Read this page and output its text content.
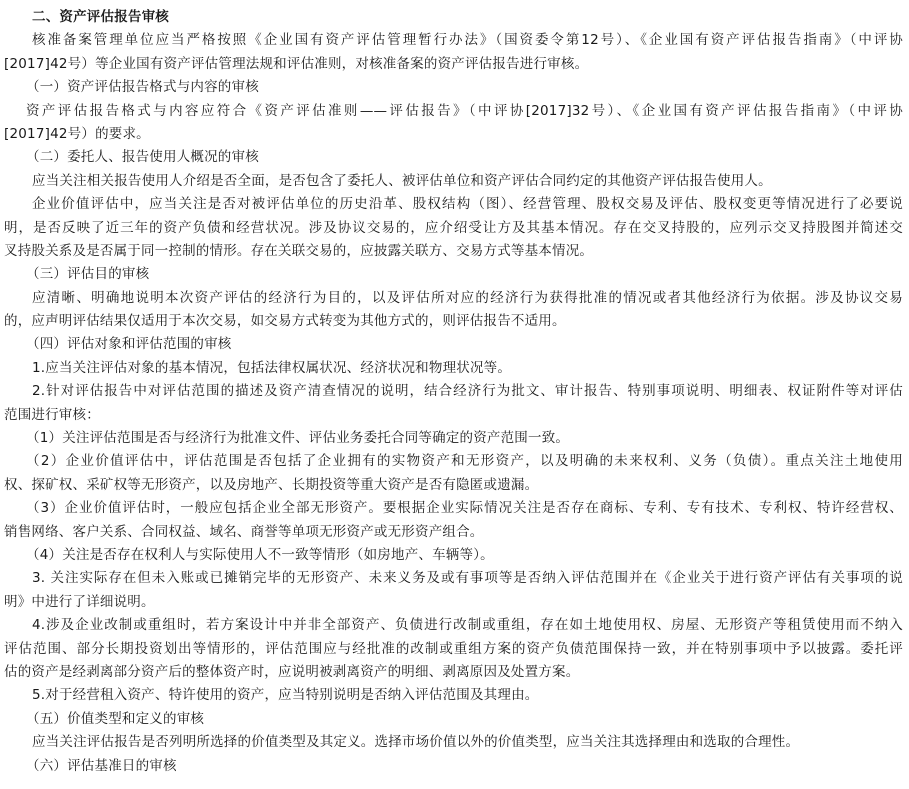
二、资产评估报告审核
核准备案管理单位应当严格按照《企业国有资产评估管理暂行办法》（国资委令第12号）、《企业国有资产评估报告指南》（中评协
[2017]42号）等企业国有资产评估管理法规和评估准则，对核准备案的资产评估报告进行审核。
（一）资产评估报告格式与内容的审核
资产评估报告格式与内容应符合《资产评估准则——评估报告》（中评协[2017]32号）、《企业国有资产评估报告指南》（中评协
[2017]42号）的要求。
（二）委托人、报告使用人概况的审核
应当关注相关报告使用人介绍是否全面，是否包含了委托人、被评估单位和资产评估合同约定的其他资产评估报告使用人。
企业价值评估中，应当关注是否对被评估单位的历史沿革、股权结构（图）、经营管理、股权交易及评估、股权变更等情况进行了必要说
明，是否反映了近三年的资产负债和经营状况。涉及协议交易的，应介绍受让方及其基本情况。存在交叉持股的，应列示交叉持股图并简述交
叉持股关系及是否属于同一控制的情形。存在关联交易的，应披露关联方、交易方式等基本情况。
（三）评估目的审核
应清晰、明确地说明本次资产评估的经济行为目的，以及评估所对应的经济行为获得批准的情况或者其他经济行为依据。涉及协议交易
的，应声明评估结果仅适用于本次交易，如交易方式转变为其他方式的，则评估报告不适用。
（四）评估对象和评估范围的审核
1.应当关注评估对象的基本情况，包括法律权属状况、经济状况和物理状况等。
2.针对评估报告中对评估范围的描述及资产清查情况的说明，结合经济行为批文、审计报告、特别事项说明、明细表、权证附件等对评估
范围进行审核：
（1）关注评估范围是否与经济行为批准文件、评估业务委托合同等确定的资产范围一致。
（2）企业价值评估中，评估范围是否包括了企业拥有的实物资产和无形资产，以及明确的未来权利、义务（负债）。重点关注土地使用
权、探矿权、采矿权等无形资产，以及房地产、长期投资等重大资产是否有隐匿或遗漏。
（3）企业价值评估时，一般应包括企业全部无形资产。要根据企业实际情况关注是否存在商标、专利、专有技术、专利权、特许经营权、
销售网络、客户关系、合同权益、域名、商誉等单项无形资产或无形资产组合。
（4）关注是否存在权利人与实际使用人不一致等情形（如房地产、车辆等）。
3. 关注实际存在但未入账或已摊销完毕的无形资产、未来义务及或有事项等是否纳入评估范围并在《企业关于进行资产评估有关事项的说
明》中进行了详细说明。
4.涉及企业改制或重组时，若方案设计中并非全部资产、负债进行改制或重组，存在如土地使用权、房屋、无形资产等租赁使用而不纳入
评估范围、部分长期投资划出等情形的，评估范围应与经批准的改制或重组方案的资产负债范围保持一致，并在特别事项中予以披露。委托评
估的资产是经剥离部分资产后的整体资产时，应说明被剥离资产的明细、剥离原因及处置方案。
5.对于经营租入资产、特许使用的资产，应当特别说明是否纳入评估范围及其理由。
（五）价值类型和定义的审核
应当关注评估报告是否列明所选择的价值类型及其定义。选择市场价值以外的价值类型，应当关注其选择理由和选取的合理性。
（六）评估基准日的审核
